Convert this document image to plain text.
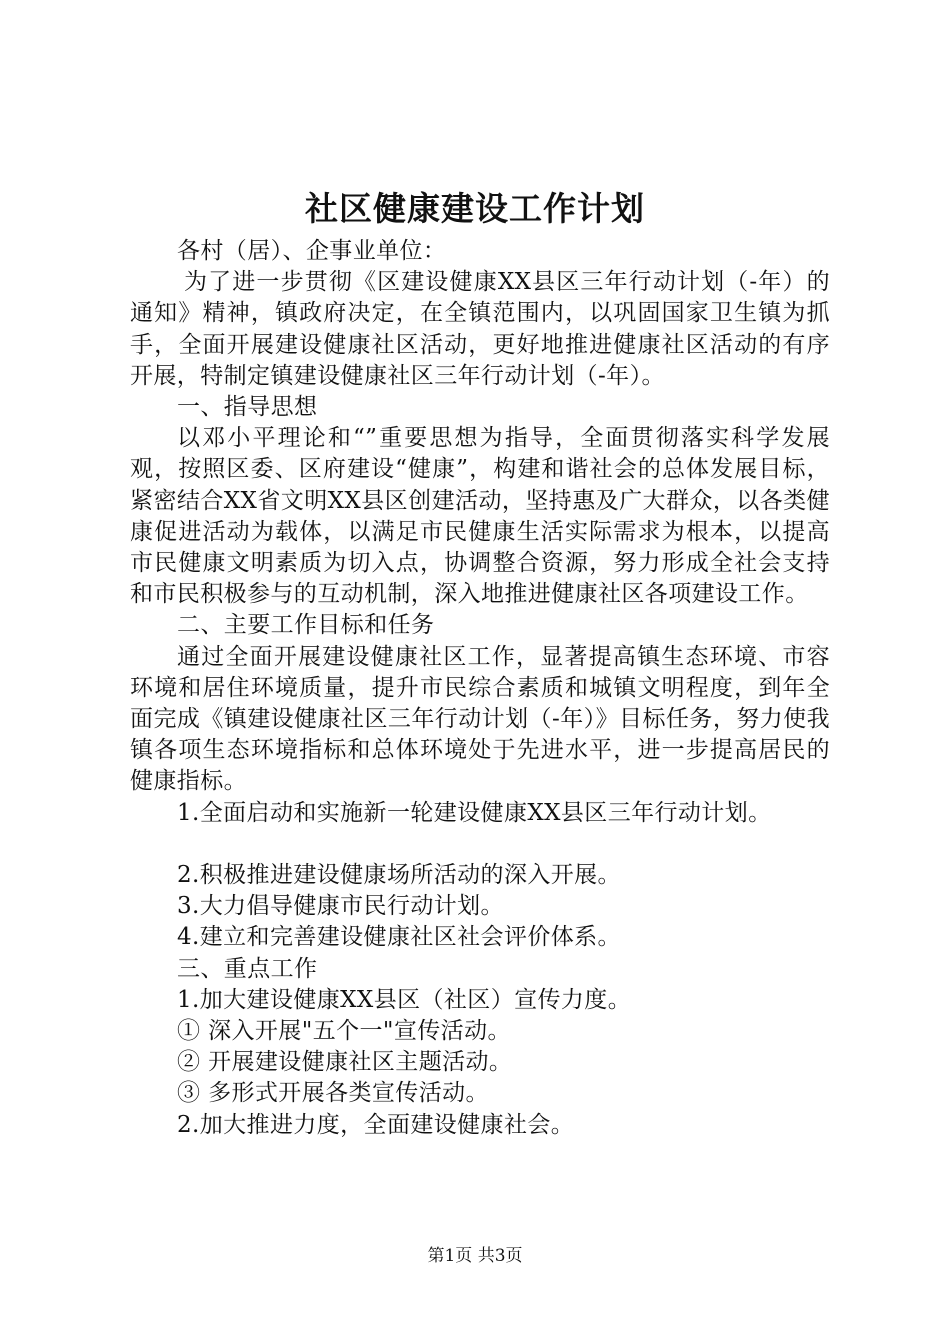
社区健康建设工作计划

各村（居）、企事业单位：

为了进一步贯彻《区建设健康XX县区三年行动计划（-年）的通知》精神，镇政府决定，在全镇范围内，以巩固国家卫生镇为抓手，全面开展建设健康社区活动，更好地推进健康社区活动的有序开展，特制定镇建设健康社区三年行动计划（-年）。

一、指导思想

以邓小平理论和“”重要思想为指导，全面贯彻落实科学发展观，按照区委、区府建设“健康”，构建和谐社会的总体发展目标，紧密结合XX省文明XX县区创建活动，坚持惠及广大群众，以各类健康促进活动为载体，以满足市民健康生活实际需求为根本，以提高市民健康文明素质为切入点，协调整合资源，努力形成全社会支持和市民积极参与的互动机制，深入地推进健康社区各项建设工作。

二、主要工作目标和任务

通过全面开展建设健康社区工作，显著提高镇生态环境、市容环境和居住环境质量，提升市民综合素质和城镇文明程度，到年全面完成《镇建设健康社区三年行动计划（-年）》目标任务，努力使我镇各项生态环境指标和总体环境处于先进水平，进一步提高居民的健康指标。

1.全面启动和实施新一轮建设健康XX县区三年行动计划。

2.积极推进建设健康场所活动的深入开展。

3.大力倡导健康市民行动计划。

4.建立和完善建设健康社区社会评价体系。

三、重点工作

1.加大建设健康XX县区（社区）宣传力度。

① 深入开展"五个一"宣传活动。

② 开展建设健康社区主题活动。

③ 多形式开展各类宣传活动。

2.加大推进力度，全面建设健康社会。

第1页 共3页
